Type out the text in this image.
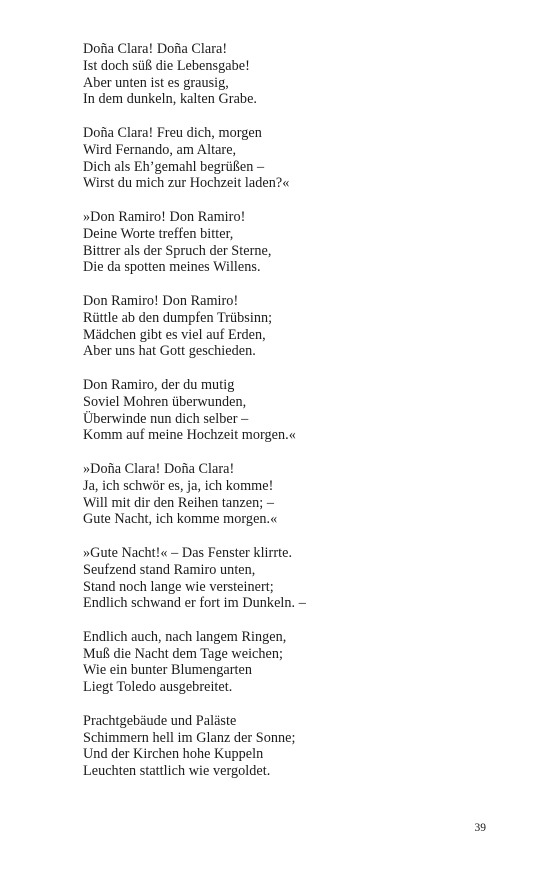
Doña Clara! Doña Clara!
Ist doch süß die Lebensgabe!
Aber unten ist es grausig,
In dem dunkeln, kalten Grabe.
Doña Clara! Freu dich, morgen
Wird Fernando, am Altare,
Dich als Eh’gemahl begrüßen –
Wirst du mich zur Hochzeit laden?«
»Don Ramiro! Don Ramiro!
Deine Worte treffen bitter,
Bittrer als der Spruch der Sterne,
Die da spotten meines Willens.
Don Ramiro! Don Ramiro!
Rüttle ab den dumpfen Trübsinn;
Mädchen gibt es viel auf Erden,
Aber uns hat Gott geschieden.
Don Ramiro, der du mutig
Soviel Mohren überwunden,
Überwinde nun dich selber –
Komm auf meine Hochzeit morgen.«
»Doña Clara! Doña Clara!
Ja, ich schwör es, ja, ich komme!
Will mit dir den Reihen tanzen; –
Gute Nacht, ich komme morgen.«
»Gute Nacht!« – Das Fenster klirrte.
Seufzend stand Ramiro unten,
Stand noch lange wie versteinert;
Endlich schwand er fort im Dunkeln. –
Endlich auch, nach langem Ringen,
Muß die Nacht dem Tage weichen;
Wie ein bunter Blumengarten
Liegt Toledo ausgebreitet.
Prachtgebäude und Paläste
Schimmern hell im Glanz der Sonne;
Und der Kirchen hohe Kuppeln
Leuchten stattlich wie vergoldet.
39
